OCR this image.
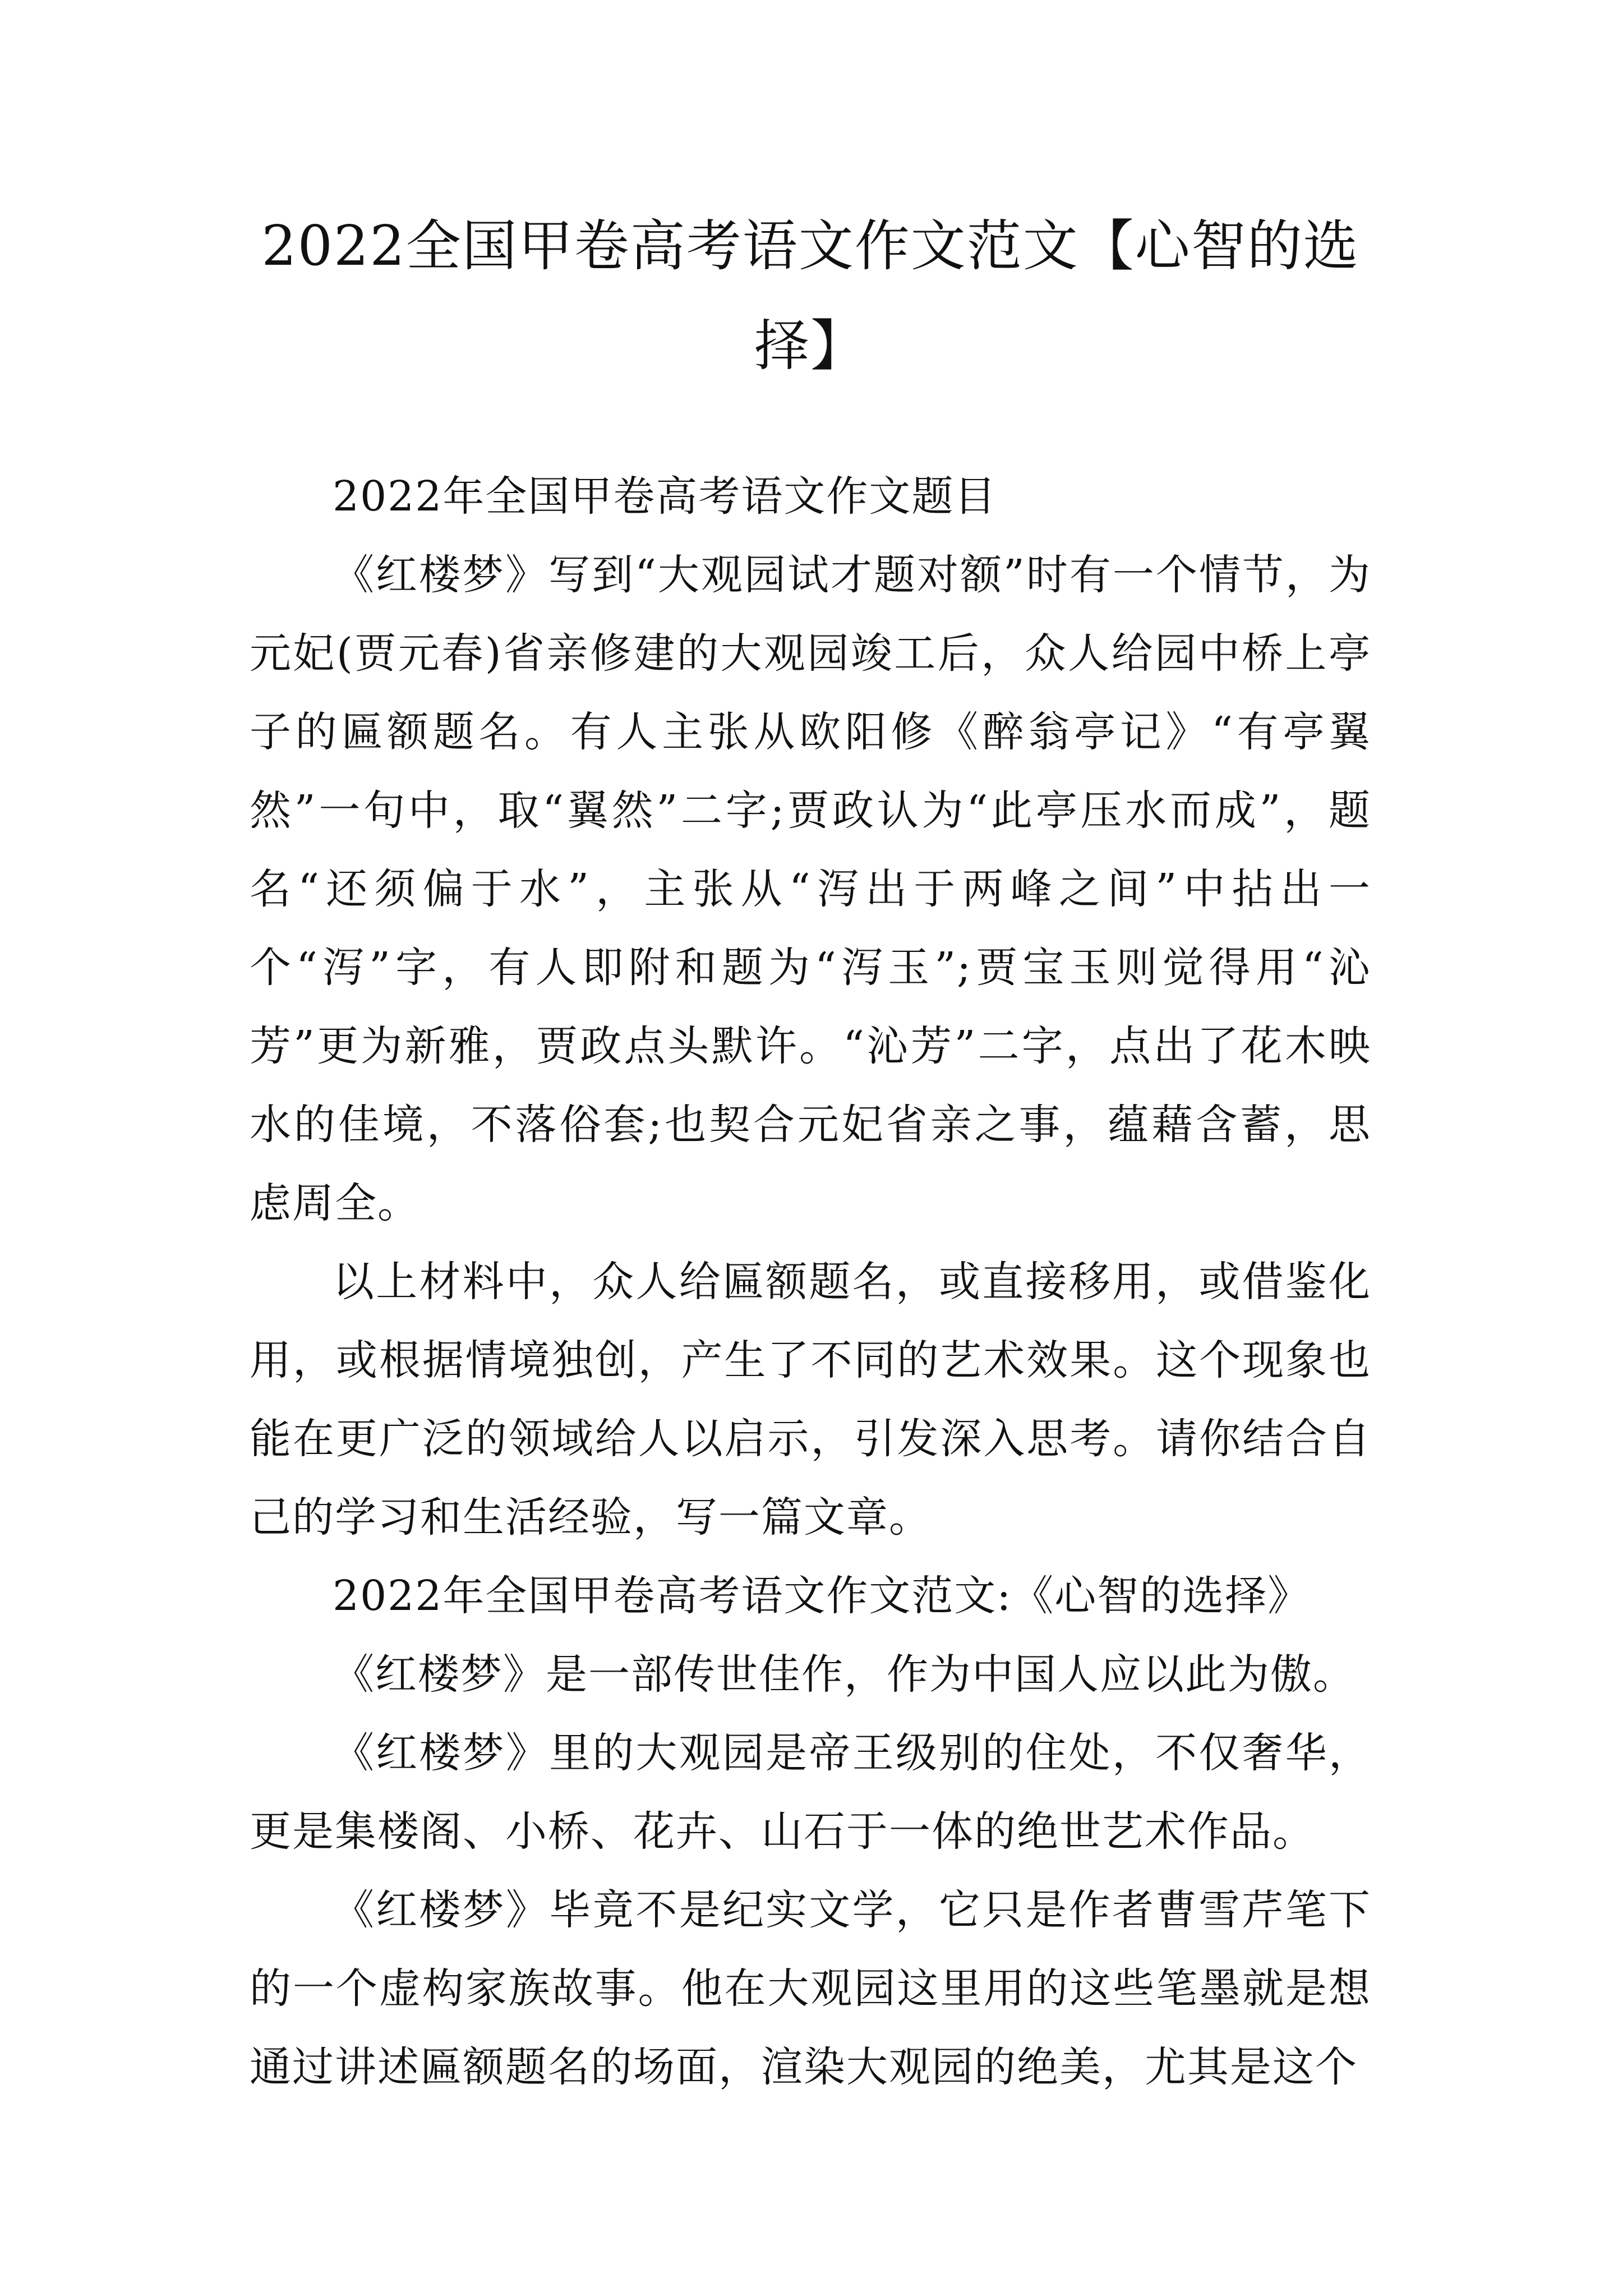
2022全国甲卷高考语文作文范文【心智的选择】

2022年全国甲卷高考语文作文题目

《红楼梦》写到“大观园试才题对额”时有一个情节，为元妃(贾元春)省亲修建的大观园竣工后，众人给园中桥上亭子的匾额题名。有人主张从欧阳修《醉翁亭记》“有亭翼然”一句中，取“翼然”二字;贾政认为“此亭压水而成”，题名“还须偏于水”，主张从“泻出于两峰之间”中拈出一个“泻”字，有人即附和题为“泻玉”;贾宝玉则觉得用“沁芳”更为新雅，贾政点头默许。“沁芳”二字，点出了花木映水的佳境，不落俗套;也契合元妃省亲之事，蕴藉含蓄，思虑周全。

以上材料中，众人给匾额题名，或直接移用，或借鉴化用，或根据情境独创，产生了不同的艺术效果。这个现象也能在更广泛的领域给人以启示，引发深入思考。请你结合自己的学习和生活经验，写一篇文章。

2022年全国甲卷高考语文作文范文:《心智的选择》

《红楼梦》是一部传世佳作，作为中国人应以此为傲。

《红楼梦》里的大观园是帝王级别的住处，不仅奢华，更是集楼阁、小桥、花卉、山石于一体的绝世艺术作品。

《红楼梦》毕竟不是纪实文学，它只是作者曹雪芹笔下的一个虚构家族故事。他在大观园这里用的这些笔墨就是想通过讲述匾额题名的场面，渲染大观园的绝美，尤其是这个
